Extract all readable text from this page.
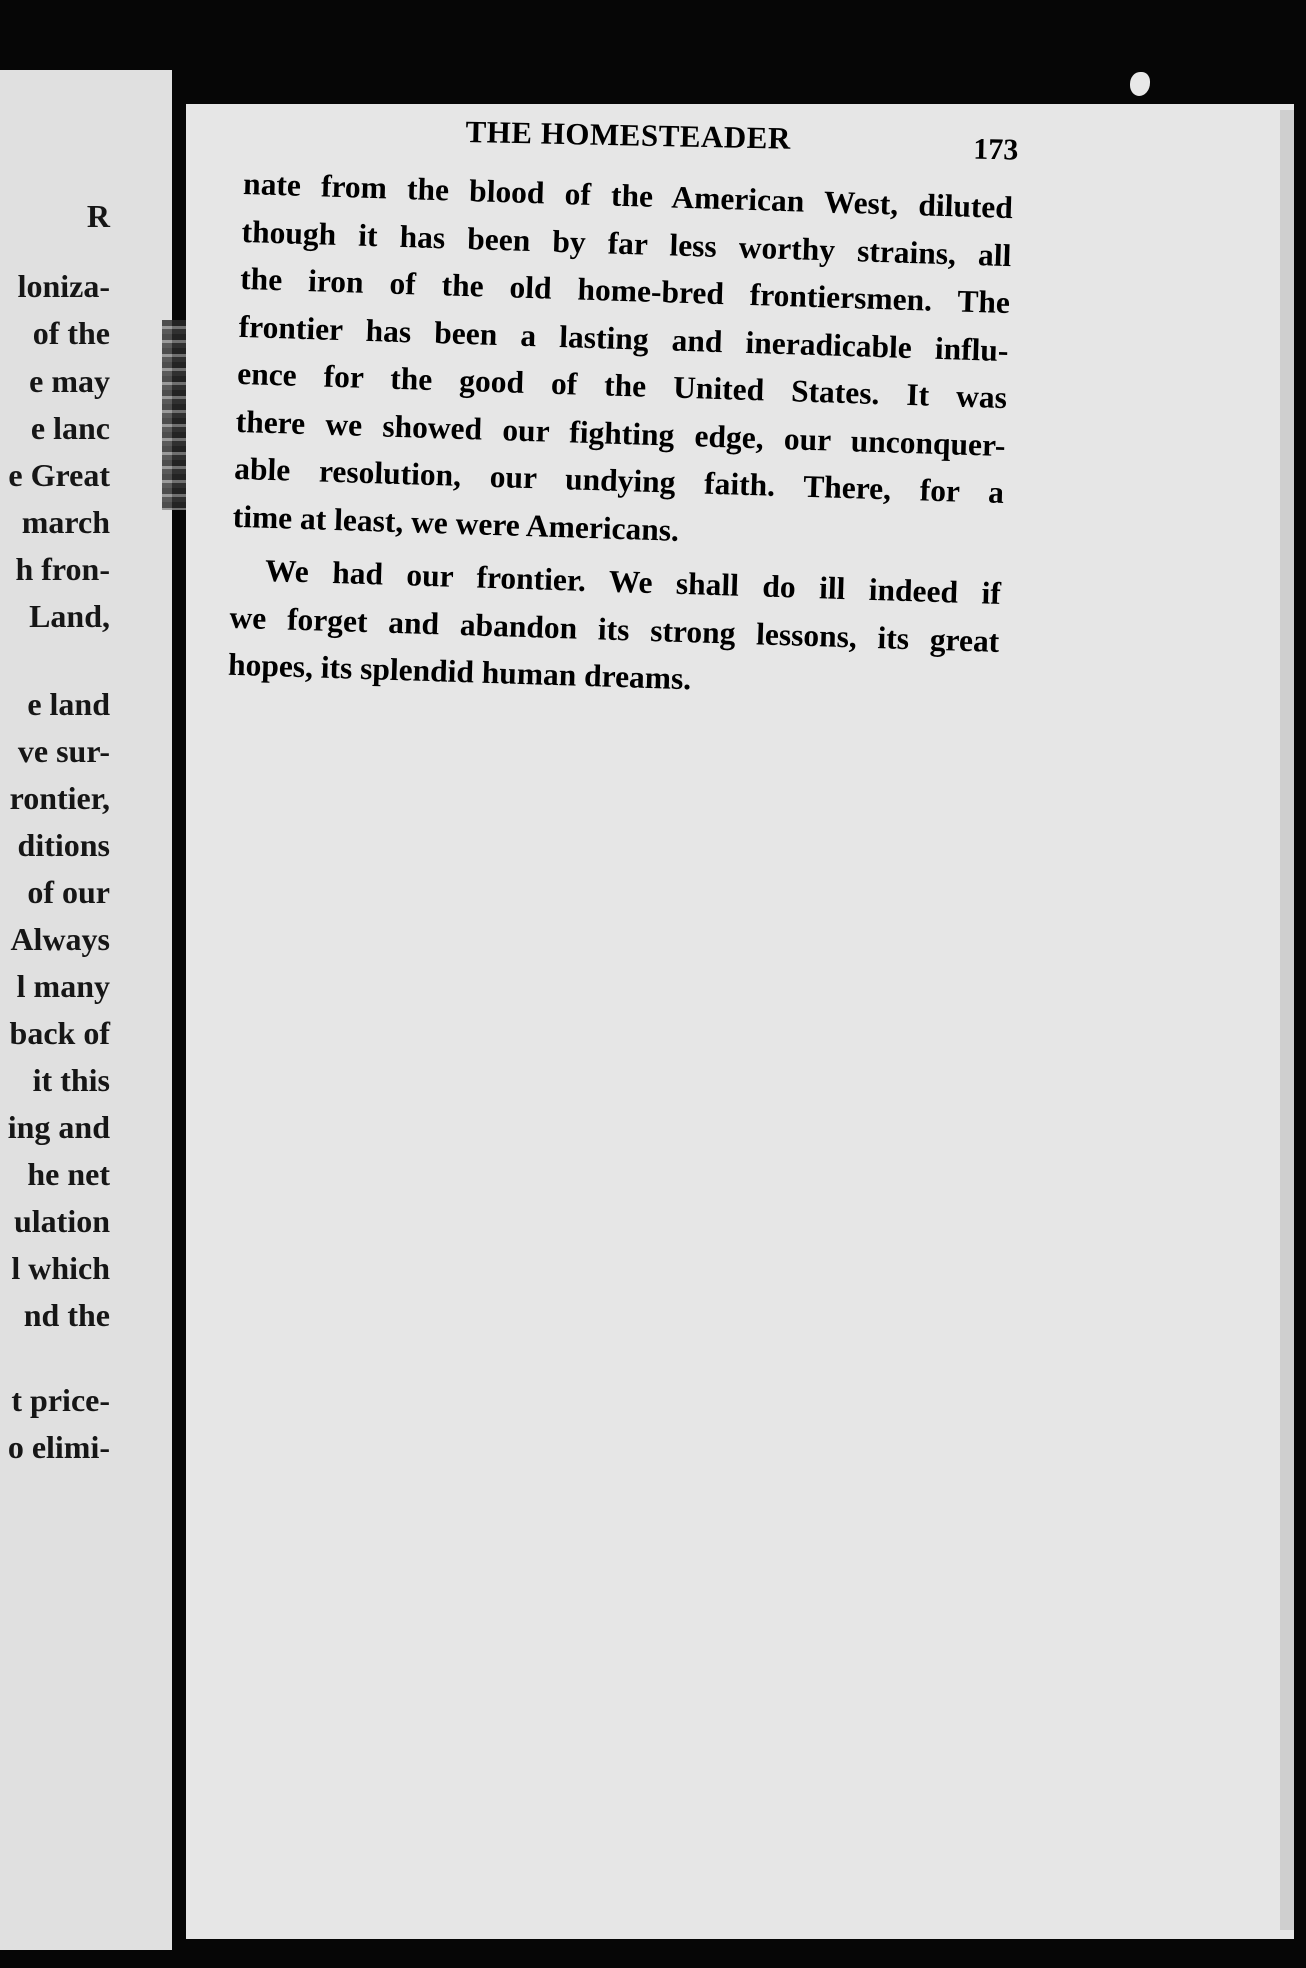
R
loniza-
of the
e may
e lanc
e Great
march
h fron-
Land,
e land
ve sur-
rontier,
ditions
of our
Always
l many
back of
it this
ing and
he net
ulation
l which
nd the
t price-
o elimi-
THE HOMESTEADER	173
nate from the blood of the American West, diluted
though it has been by far less worthy strains, all
the iron of the old home-bred frontiersmen. The
frontier has been a lasting and ineradicable influ-
ence for the good of the United States. It was
there we showed our fighting edge, our unconquer-
able resolution, our undying faith. There, for a
time at least, we were Americans.
We had our frontier. We shall do ill indeed if
we forget and abandon its strong lessons, its great
hopes, its splendid human dreams.
